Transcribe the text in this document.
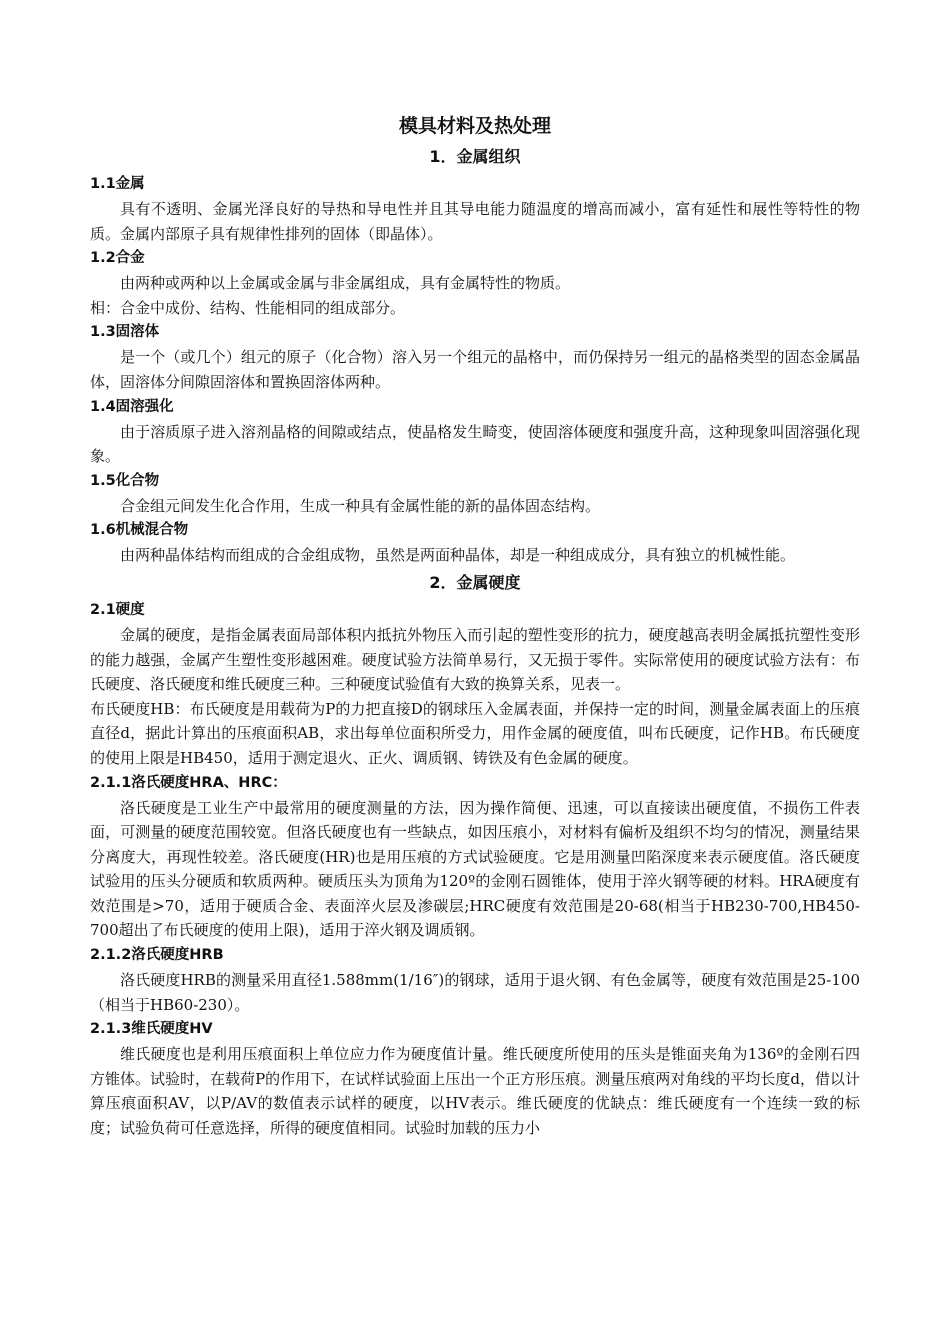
模具材料及热处理

1．金属组织

1.1金属

具有不透明、金属光泽良好的导热和导电性并且其导电能力随温度的增高而减小，富有延性和展性等特性的物质。金属内部原子具有规律性排列的固体（即晶体）。

1.2合金

由两种或两种以上金属或金属与非金属组成，具有金属特性的物质。

相：合金中成份、结构、性能相同的组成部分。

1.3固溶体

是一个（或几个）组元的原子（化合物）溶入另一个组元的晶格中，而仍保持另一组元的晶格类型的固态金属晶体，固溶体分间隙固溶体和置换固溶体两种。

1.4固溶强化

由于溶质原子进入溶剂晶格的间隙或结点，使晶格发生畸变，使固溶体硬度和强度升高，这种现象叫固溶强化现象。

1.5化合物

合金组元间发生化合作用，生成一种具有金属性能的新的晶体固态结构。

1.6机械混合物

由两种晶体结构而组成的合金组成物，虽然是两面种晶体，却是一种组成成分，具有独立的机械性能。

2．金属硬度

2.1硬度

金属的硬度，是指金属表面局部体积内抵抗外物压入而引起的塑性变形的抗力，硬度越高表明金属抵抗塑性变形的能力越强，金属产生塑性变形越困难。硬度试验方法简单易行，又无损于零件。实际常使用的硬度试验方法有：布氏硬度、洛氏硬度和维氏硬度三种。三种硬度试验值有大致的换算关系，见表一。

布氏硬度HB：布氏硬度是用载荷为P的力把直接D的钢球压入金属表面，并保持一定的时间，测量金属表面上的压痕直径d，据此计算出的压痕面积AB，求出每单位面积所受力，用作金属的硬度值，叫布氏硬度，记作HB。布氏硬度的使用上限是HB450，适用于测定退火、正火、调质钢、铸铁及有色金属的硬度。

2.1.1洛氏硬度HRA、HRC：

洛氏硬度是工业生产中最常用的硬度测量的方法，因为操作简便、迅速，可以直接读出硬度值，不损伤工件表面，可测量的硬度范围较宽。但洛氏硬度也有一些缺点，如因压痕小，对材料有偏析及组织不均匀的情况，测量结果分离度大，再现性较差。洛氏硬度(HR)也是用压痕的方式试验硬度。它是用测量凹陷深度来表示硬度值。洛氏硬度试验用的压头分硬质和软质两种。硬质压头为顶角为120º的金刚石圆锥体，使用于淬火钢等硬的材料。HRA硬度有效范围是>70，适用于硬质合金、表面淬火层及渗碳层;HRC硬度有效范围是20-68(相当于HB230-700,HB450-700超出了布氏硬度的使用上限)，适用于淬火钢及调质钢。

2.1.2洛氏硬度HRB

洛氏硬度HRB的测量采用直径1.588mm(1/16″)的钢球，适用于退火钢、有色金属等，硬度有效范围是25-100（相当于HB60-230）。

2.1.3维氏硬度HV

维氏硬度也是利用压痕面积上单位应力作为硬度值计量。维氏硬度所使用的压头是锥面夹角为136º的金刚石四方锥体。试验时，在载荷P的作用下，在试样试验面上压出一个正方形压痕。测量压痕两对角线的平均长度d，借以计算压痕面积AV，以P/AV的数值表示试样的硬度，以HV表示。维氏硬度的优缺点：维氏硬度有一个连续一致的标度；试验负荷可任意选择，所得的硬度值相同。试验时加载的压力小
